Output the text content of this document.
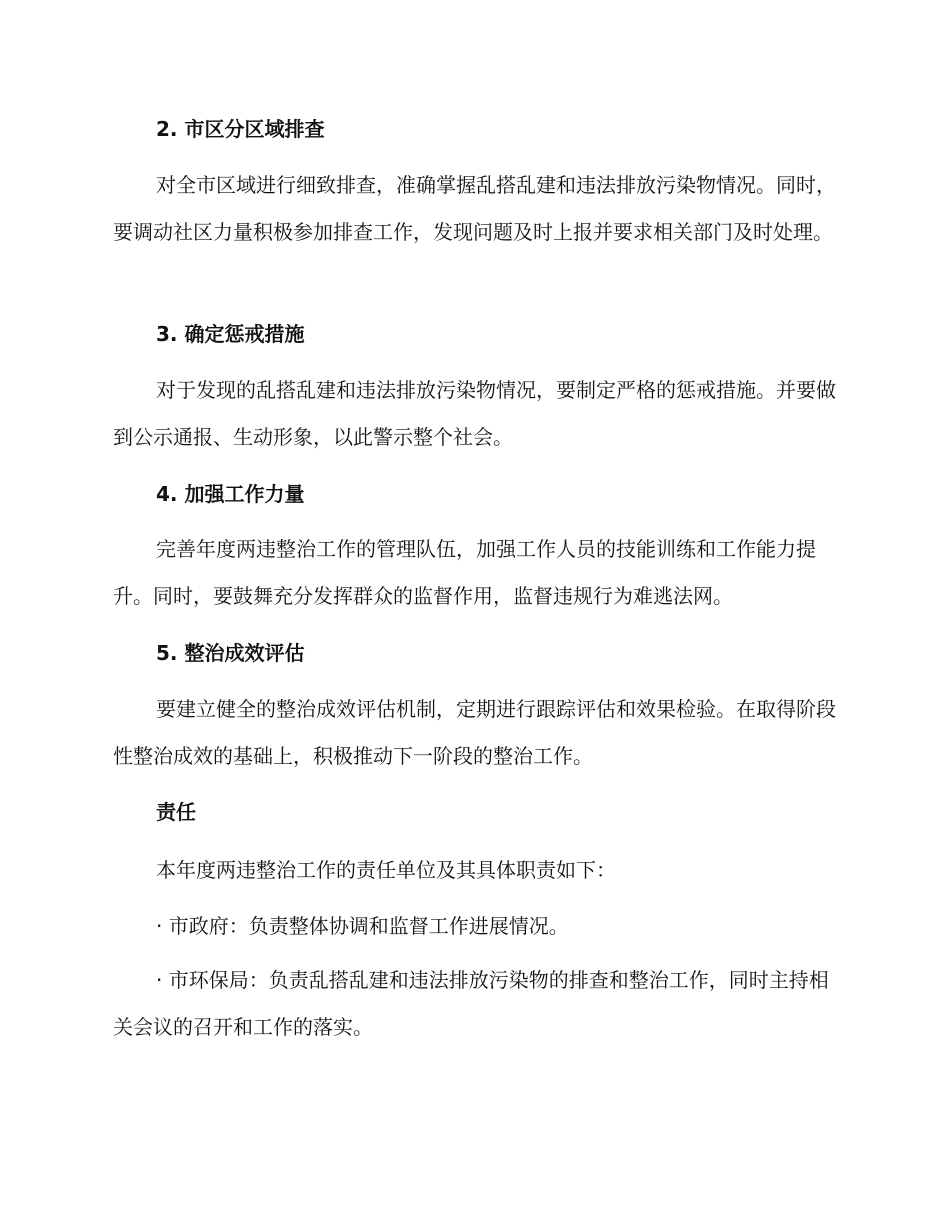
2. 市区分区域排查
对全市区域进行细致排查，准确掌握乱搭乱建和违法排放污染物情况。同时，要调动社区力量积极参加排查工作，发现问题及时上报并要求相关部门及时处理。
3. 确定惩戒措施
对于发现的乱搭乱建和违法排放污染物情况，要制定严格的惩戒措施。并要做到公示通报、生动形象，以此警示整个社会。
4. 加强工作力量
完善年度两违整治工作的管理队伍，加强工作人员的技能训练和工作能力提升。同时，要鼓舞充分发挥群众的监督作用，监督违规行为难逃法网。
5. 整治成效评估
要建立健全的整治成效评估机制，定期进行跟踪评估和效果检验。在取得阶段性整治成效的基础上，积极推动下一阶段的整治工作。
责任
本年度两违整治工作的责任单位及其具体职责如下：
· 市政府：负责整体协调和监督工作进展情况。
· 市环保局：负责乱搭乱建和违法排放污染物的排查和整治工作，同时主持相关会议的召开和工作的落实。
